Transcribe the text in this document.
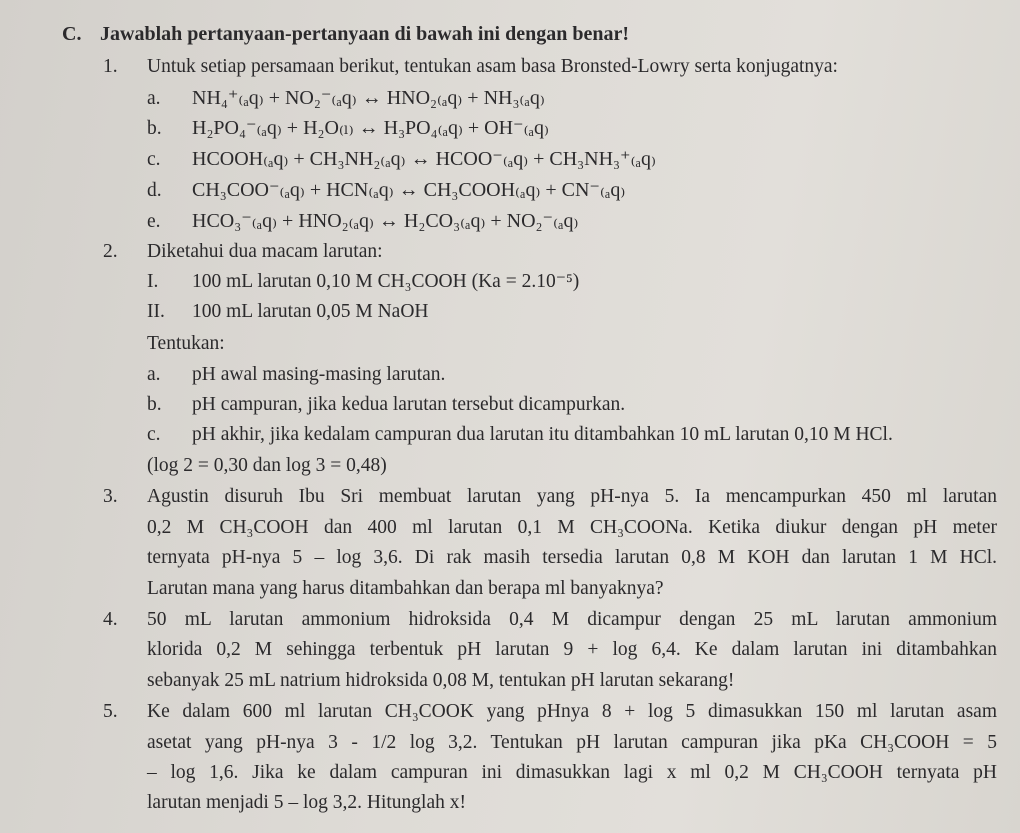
C. Jawablah pertanyaan-pertanyaan di bawah ini dengan benar!
1. Untuk setiap persamaan berikut, tentukan asam basa Bronsted-Lowry serta konjugatnya:
a. NH₄⁺₍ₐq₎ + NO₂⁻₍ₐq₎ ↔ HNO₂₍ₐq₎ + NH₃₍ₐq₎
b. H₂PO₄⁻₍ₐq₎ + H₂O₍ₗ₎ ↔ H₃PO₄₍ₐq₎ + OH⁻₍ₐq₎
c. HCOOH₍ₐq₎ + CH₃NH₂₍ₐq₎ ↔ HCOO⁻₍ₐq₎ + CH₃NH₃⁺₍ₐq₎
d. CH₃COO⁻₍ₐq₎ + HCN₍ₐq₎ ↔ CH₃COOH₍ₐq₎ + CN⁻₍ₐq₎
e. HCO₃⁻₍ₐq₎ + HNO₂₍ₐq₎ ↔ H₂CO₃₍ₐq₎ + NO₂⁻₍ₐq₎
2. Diketahui dua macam larutan:
I. 100 mL larutan 0,10 M CH₃COOH (Ka = 2.10⁻⁵)
II. 100 mL larutan 0,05 M NaOH
Tentukan:
a. pH awal masing-masing larutan.
b. pH campuran, jika kedua larutan tersebut dicampurkan.
c. pH akhir, jika kedalam campuran dua larutan itu ditambahkan 10 mL larutan 0,10 M HCl.
(log 2 = 0,30 dan log 3 = 0,48)
3. Agustin disuruh Ibu Sri membuat larutan yang pH-nya 5. Ia mencampurkan 450 ml larutan
0,2 M CH₃COOH dan 400 ml larutan 0,1 M CH₃COONa. Ketika diukur dengan pH meter
ternyata pH-nya 5 – log 3,6. Di rak masih tersedia larutan 0,8 M KOH dan larutan 1 M HCl.
Larutan mana yang harus ditambahkan dan berapa ml banyaknya?
4. 50 mL larutan ammonium hidroksida 0,4 M dicampur dengan 25 mL larutan ammonium
klorida 0,2 M sehingga terbentuk pH larutan 9 + log 6,4. Ke dalam larutan ini ditambahkan
sebanyak 25 mL natrium hidroksida 0,08 M, tentukan pH larutan sekarang!
5. Ke dalam 600 ml larutan CH₃COOK yang pHnya 8 + log 5 dimasukkan 150 ml larutan asam
asetat yang pH-nya 3 - 1/2 log 3,2. Tentukan pH larutan campuran jika pKa CH₃COOH = 5
– log 1,6. Jika ke dalam campuran ini dimasukkan lagi x ml 0,2 M CH₃COOH ternyata pH
larutan menjadi 5 – log 3,2. Hitunglah x!
